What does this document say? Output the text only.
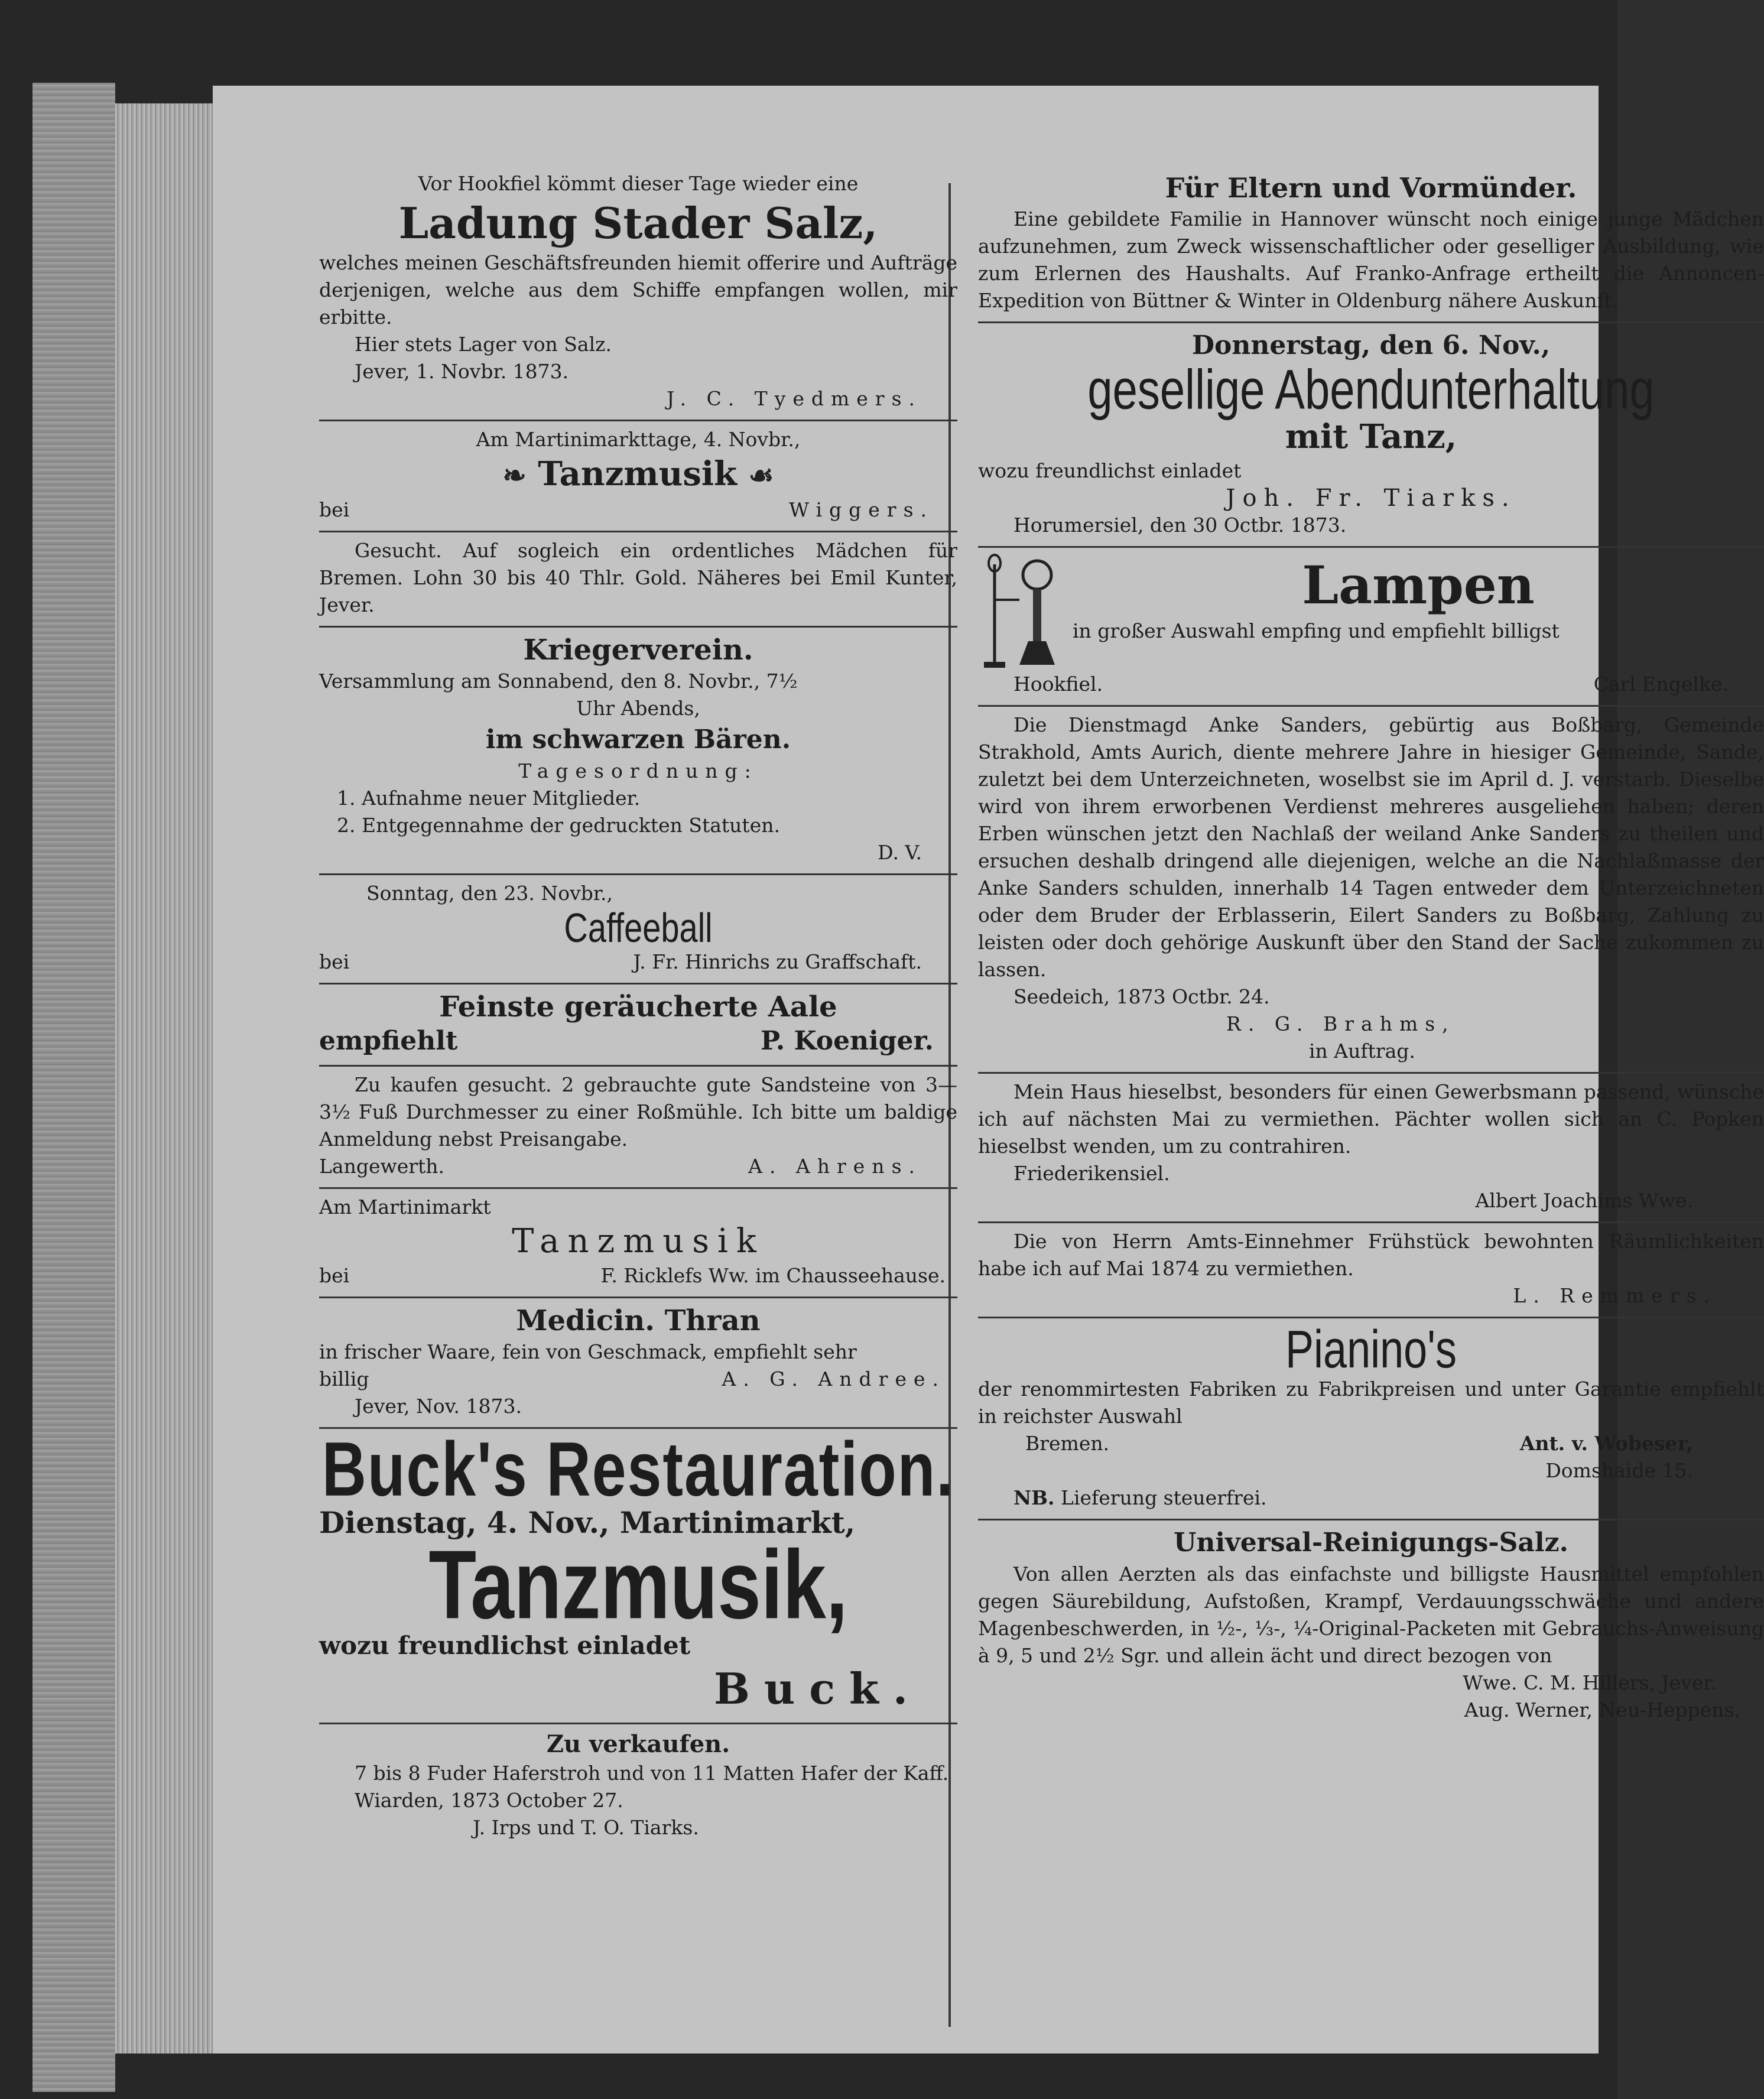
Vor Hookfiel kömmt dieser Tage wieder eine
Ladung Stader Salz,
welches meinen Geschäftsfreunden hiemit offerire und Aufträge derjenigen, welche aus dem Schiffe empfangen wollen, mir erbitte.
Hier stets Lager von Salz.
Jever, 1. Novbr. 1873.
J. C. Tyedmers.
Am Martinimarkttage, 4. Novbr.,
❧ Tanzmusik ☙
bei	Wiggers.
Gesucht. Auf sogleich ein ordentliches Mädchen für Bremen. Lohn 30 bis 40 Thlr. Gold. Näheres bei Emil Kunter, Jever.
Kriegerverein.
Versammlung am Sonnabend, den 8. Novbr., 7½
Uhr Abends,
im schwarzen Bären.
Tagesordnung:
1. Aufnahme neuer Mitglieder.
2. Entgegennahme der gedruckten Statuten.
D. V.
Sonntag, den 23. Novbr.,
Caffeeball
bei	J. Fr. Hinrichs zu Graffschaft.
Feinste geräucherte Aale
empfiehlt	P. Koeniger.
Zu kaufen gesucht. 2 gebrauchte gute Sandsteine von 3—3½ Fuß Durchmesser zu einer Roßmühle. Ich bitte um baldige Anmeldung nebst Preisangabe.
Langewerth.	A. Ahrens.
Am Martinimarkt
Tanzmusik
bei	F. Ricklefs Ww. im Chausseehause.
Medicin. Thran
in frischer Waare, fein von Geschmack, empfiehlt sehr
billig	A. G. Andree.
Jever, Nov. 1873.
Buck's Restauration.
Dienstag, 4. Nov., Martinimarkt,
Tanzmusik,
wozu freundlichst einladet
Buck.
Zu verkaufen.
7 bis 8 Fuder Haferstroh und von 11 Matten Hafer der Kaff.
Wiarden, 1873 October 27.
J. Irps und T. O. Tiarks.
Für Eltern und Vormünder.
Eine gebildete Familie in Hannover wünscht noch einige junge Mädchen aufzunehmen, zum Zweck wissenschaftlicher oder geselliger Ausbildung, wie zum Erlernen des Haushalts. Auf Franko-Anfrage ertheilt die Annoncen-Expedition von Büttner & Winter in Oldenburg nähere Auskunft.
Donnerstag, den 6. Nov.,
gesellige Abendunterhaltung
mit Tanz,
wozu freundlichst einladet
Joh. Fr. Tiarks.
Horumersiel, den 30 Octbr. 1873.
Lampen
in großer Auswahl empfing und empfiehlt billigst
Hookfiel.	Carl Engelke.
Die Dienstmagd Anke Sanders, gebürtig aus Boßbarg, Gemeinde Strakhold, Amts Aurich, diente mehrere Jahre in hiesiger Gemeinde, Sande, zuletzt bei dem Unterzeichneten, woselbst sie im April d. J. verstarb. Dieselbe wird von ihrem erworbenen Verdienst mehreres ausgeliehen haben; deren Erben wünschen jetzt den Nachlaß der weiland Anke Sanders zu theilen und ersuchen deshalb dringend alle diejenigen, welche an die Nachlaßmasse der Anke Sanders schulden, innerhalb 14 Tagen entweder dem Unterzeichneten oder dem Bruder der Erblasserin, Eilert Sanders zu Boßbarg, Zahlung zu leisten oder doch gehörige Auskunft über den Stand der Sache zukommen zu lassen.
Seedeich, 1873 Octbr. 24.
R. G. Brahms,
in Auftrag.
Mein Haus hieselbst, besonders für einen Gewerbsmann passend, wünsche ich auf nächsten Mai zu vermiethen. Pächter wollen sich an C. Popken hieselbst wenden, um zu contrahiren.
Friederikensiel.
Albert Joachims Wwe.
Die von Herrn Amts-Einnehmer Frühstück bewohnten Räumlichkeiten habe ich auf Mai 1874 zu vermiethen.
L. Remmers.
Pianino's
der renommirtesten Fabriken zu Fabrikpreisen und unter Garantie empfiehlt in reichster Auswahl
Bremen.	Ant. v. Wobeser,
Domshaide 15.
NB. Lieferung steuerfrei.
Universal-Reinigungs-Salz.
Von allen Aerzten als das einfachste und billigste Hausmittel empfohlen gegen Säurebildung, Aufstoßen, Krampf, Verdauungsschwäche und andere Magenbeschwerden, in ½-, ⅓-, ¼-Original-Packeten mit Gebrauchs-Anweisung à 9, 5 und 2½ Sgr. und allein ächt und direct bezogen von
Wwe. C. M. Hillers, Jever.
Aug. Werner, Neu-Heppens.
